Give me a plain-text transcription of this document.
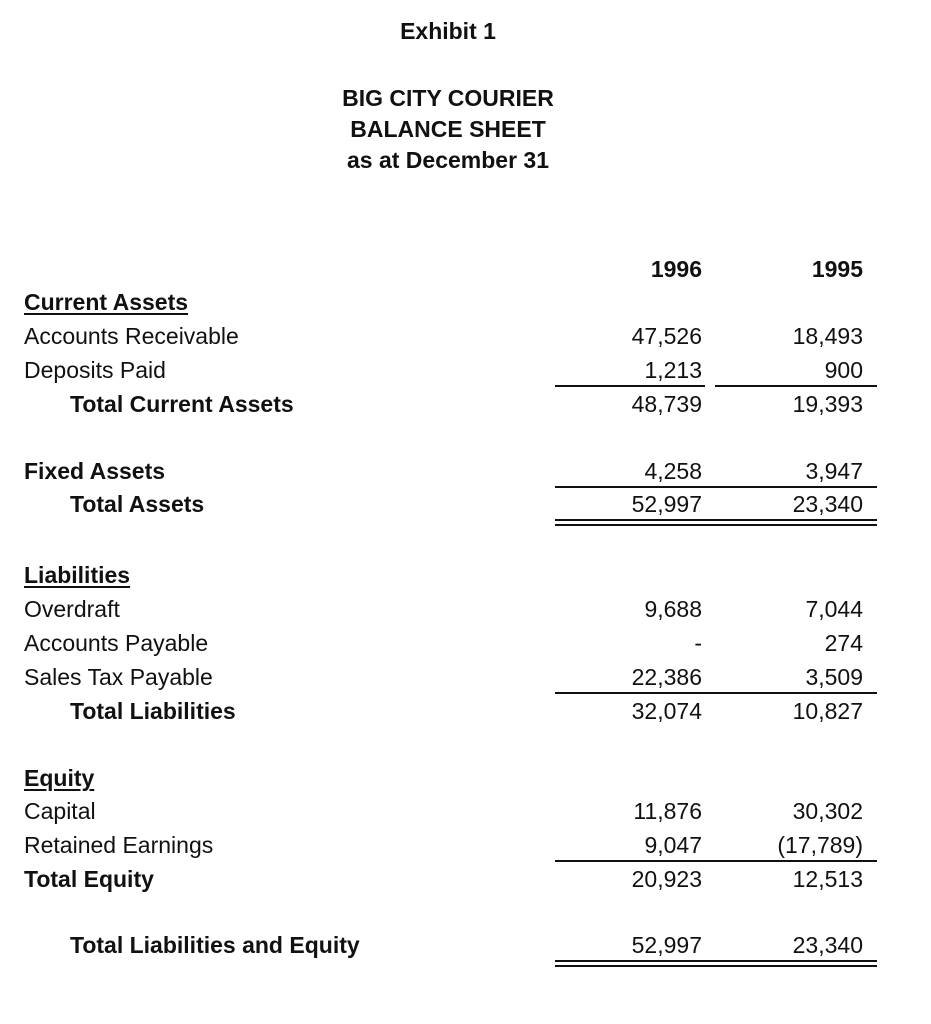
Exhibit 1
BIG CITY COURIER
BALANCE SHEET
as at December 31
1996	1995
Current Assets
Accounts Receivable	47,526	18,493
Deposits Paid	1,213	900
Total Current Assets	48,739	19,393
Fixed Assets	4,258	3,947
Total Assets	52,997	23,340
Liabilities
Overdraft	9,688	7,044
Accounts Payable	-	274
Sales Tax Payable	22,386	3,509
Total Liabilities	32,074	10,827
Equity
Capital	11,876	30,302
Retained Earnings	9,047	(17,789)
Total Equity	20,923	12,513
Total Liabilities and Equity	52,997	23,340
